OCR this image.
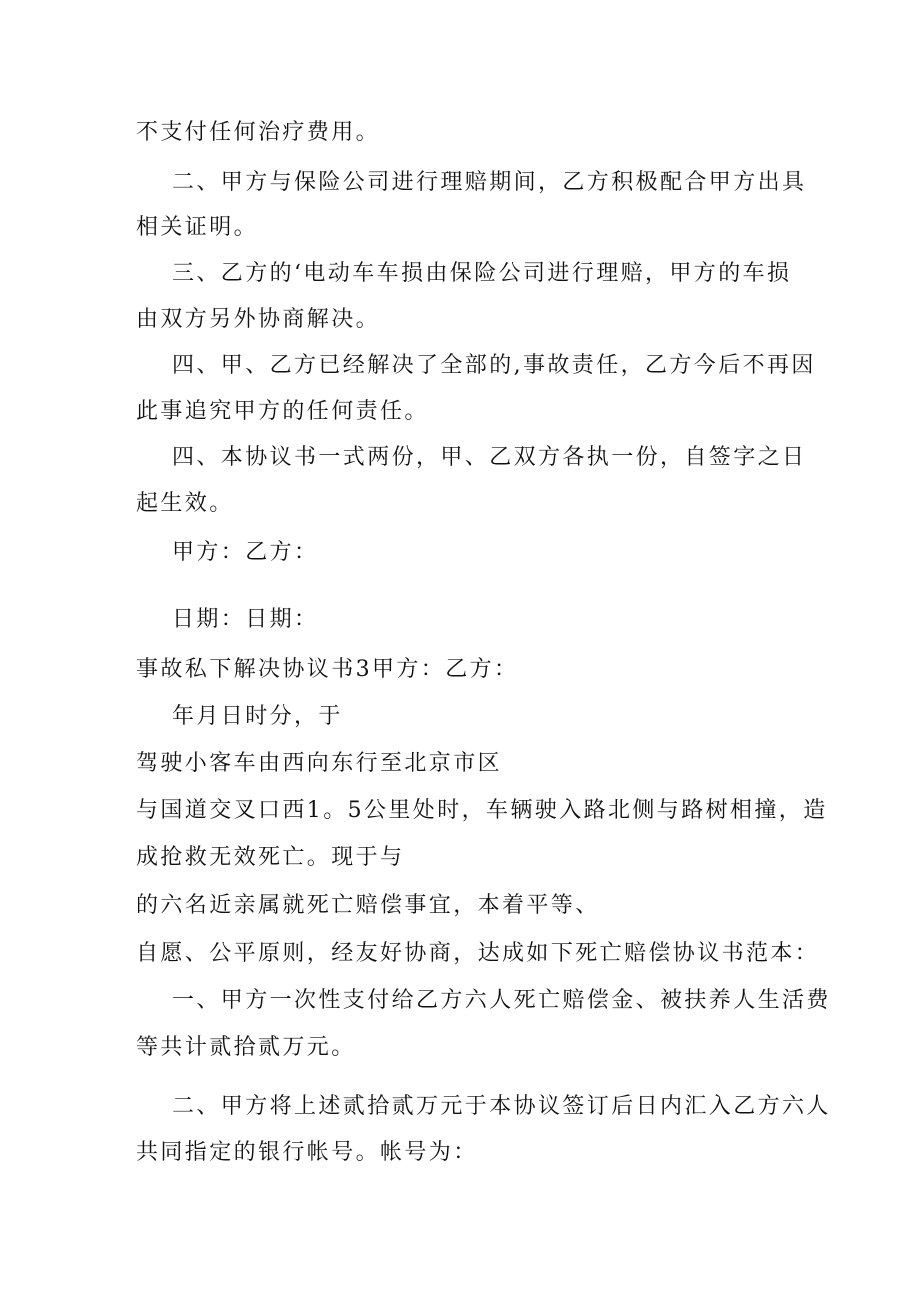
不支付任何治疗费用。
二、甲方与保险公司进行理赔期间，乙方积极配合甲方出具
相关证明。
三、乙方的‘电动车车损由保险公司进行理赔，甲方的车损
由双方另外协商解决。
四、甲、乙方已经解决了全部的,事故责任，乙方今后不再因
此事追究甲方的任何责任。
四、本协议书一式两份，甲、乙双方各执一份，自签字之日
起生效。
甲方：乙方：
日期：日期：
事故私下解决协议书3甲方：乙方：
年月日时分，于
驾驶小客车由西向东行至北京市区
与国道交叉口西1。5公里处时，车辆驶入路北侧与路树相撞，造
成抢救无效死亡。现于与
的六名近亲属就死亡赔偿事宜，本着平等、
自愿、公平原则，经友好协商，达成如下死亡赔偿协议书范本：
一、甲方一次性支付给乙方六人死亡赔偿金、被扶养人生活费
等共计贰拾贰万元。
二、甲方将上述贰拾贰万元于本协议签订后日内汇入乙方六人
共同指定的银行帐号。帐号为：
